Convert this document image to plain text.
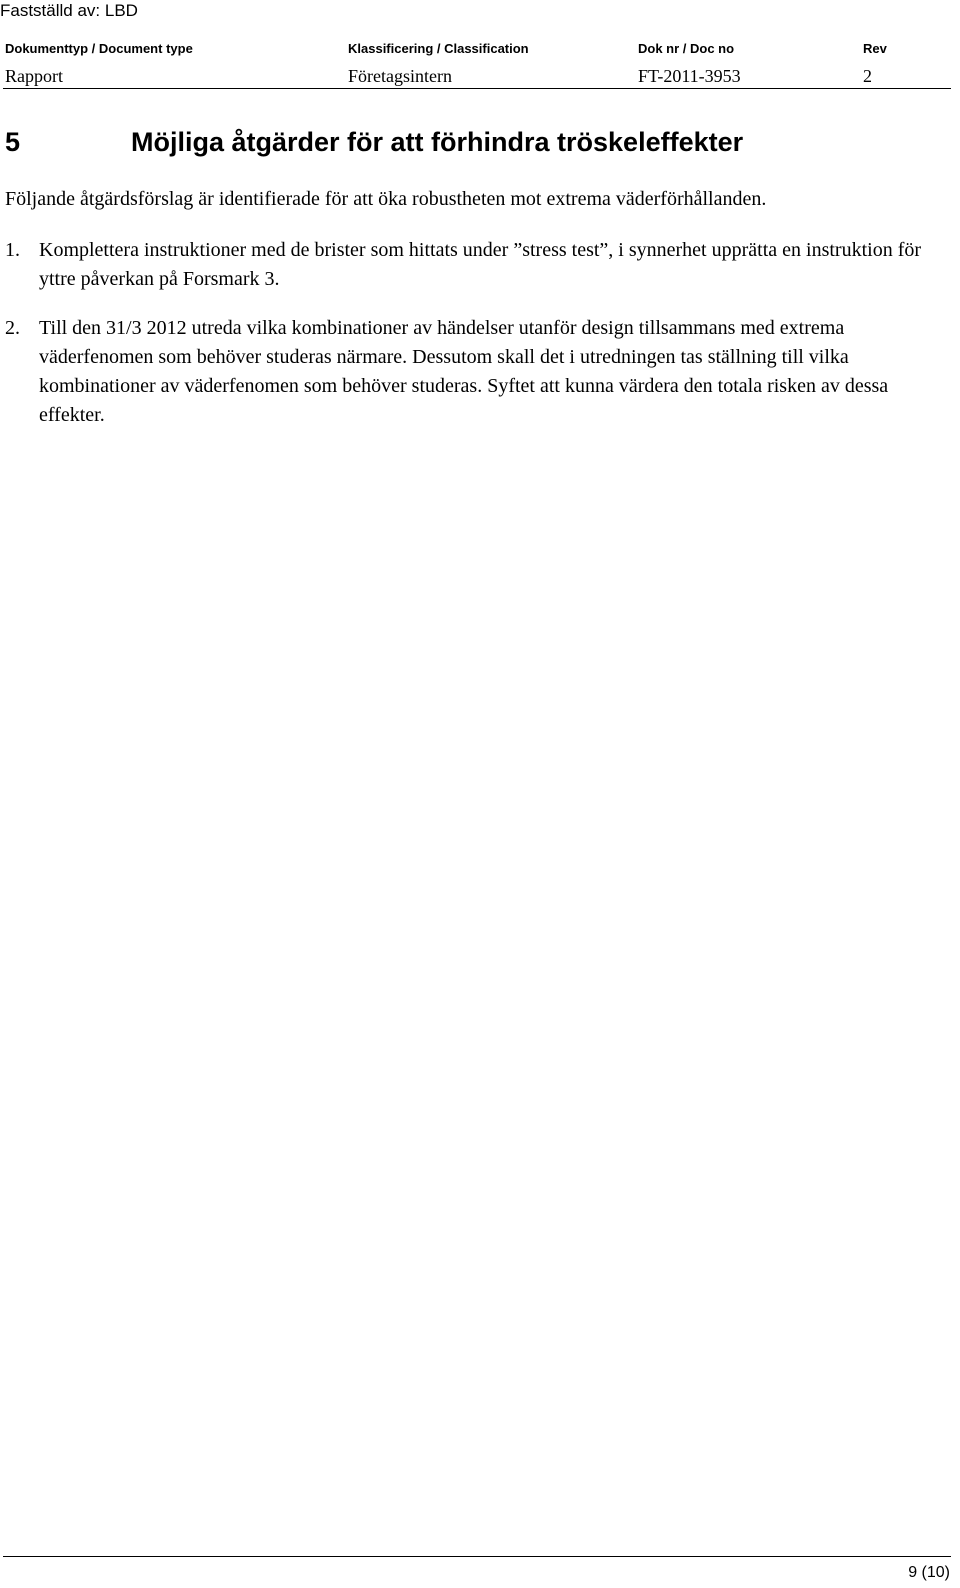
Fastställd av: LBD
Dokumenttyp / Document type	Klassificering / Classification	Dok nr / Doc no	Rev
Rapport	Företagsintern	FT-2011-3953	2
5	Möjliga åtgärder för att förhindra tröskeleffekter

Följande åtgärdsförslag är identifierade för att öka robustheten mot extrema väderförhållanden.

1. Komplettera instruktioner med de brister som hittats under ”stress test”, i synnerhet upprätta en instruktion för yttre påverkan på Forsmark 3.
2. Till den 31/3 2012 utreda vilka kombinationer av händelser utanför design tillsammans med extrema väderfenomen som behöver studeras närmare. Dessutom skall det i utredningen tas ställning till vilka kombinationer av väderfenomen som behöver studeras. Syftet att kunna värdera den totala risken av dessa effekter.
9 (10)
